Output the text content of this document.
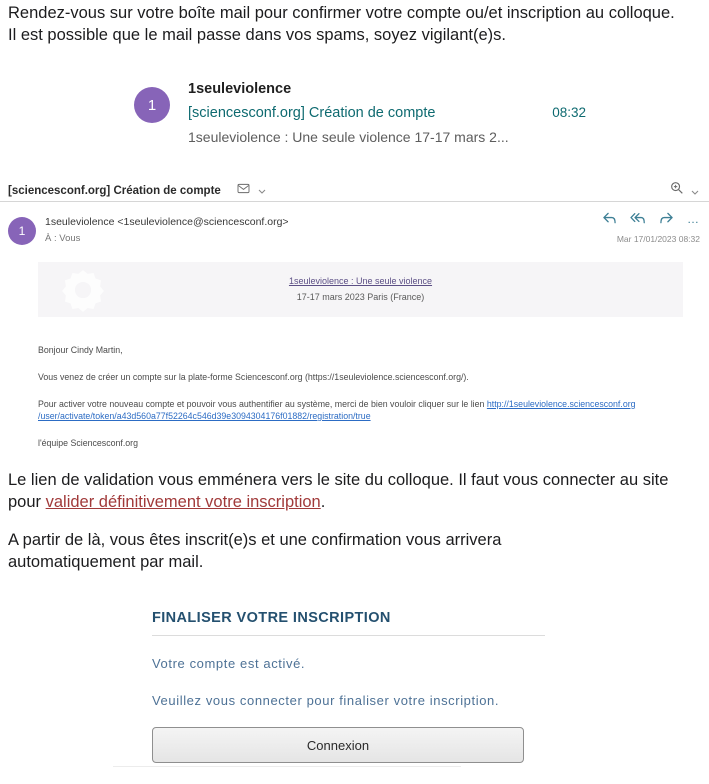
Rendez-vous sur votre boîte mail pour confirmer votre compte ou/et inscription au colloque.
Il est possible que le mail passe dans vos spams, soyez vigilant(e)s.

1
1seuleviolence
[sciencesconf.org] Création de compte	08:32
1seuleviolence : Une seule violence 17-17 mars 2...
[sciencesconf.org] Création de compte

1
1seuleviolence <1seuleviolence@sciencesconf.org>
À : Vous
…
Mar 17/01/2023 08:32
1seuleviolence : Une seule violence
17-17 mars 2023 Paris (France)

Bonjour Cindy Martin,

Vous venez de créer un compte sur la plate-forme Sciencesconf.org (https://1seuleviolence.sciencesconf.org/).

Pour activer votre nouveau compte et pouvoir vous authentifier au système, merci de bien vouloir cliquer sur le lien http://1seuleviolence.sciencesconf.org
/user/activate/token/a43d560a77f52264c546d39e3094304176f01882/registration/true

l'équipe Sciencesconf.org

Le lien de validation vous emménera vers le site du colloque. Il faut vous connecter au site pour valider définitivement votre inscription.

A partir de là, vous êtes inscrit(e)s et une confirmation vous arrivera automatiquement par mail.

FINALISER VOTRE INSCRIPTION

Votre compte est activé.

Veuillez vous connecter pour finaliser votre inscription.

Connexion
